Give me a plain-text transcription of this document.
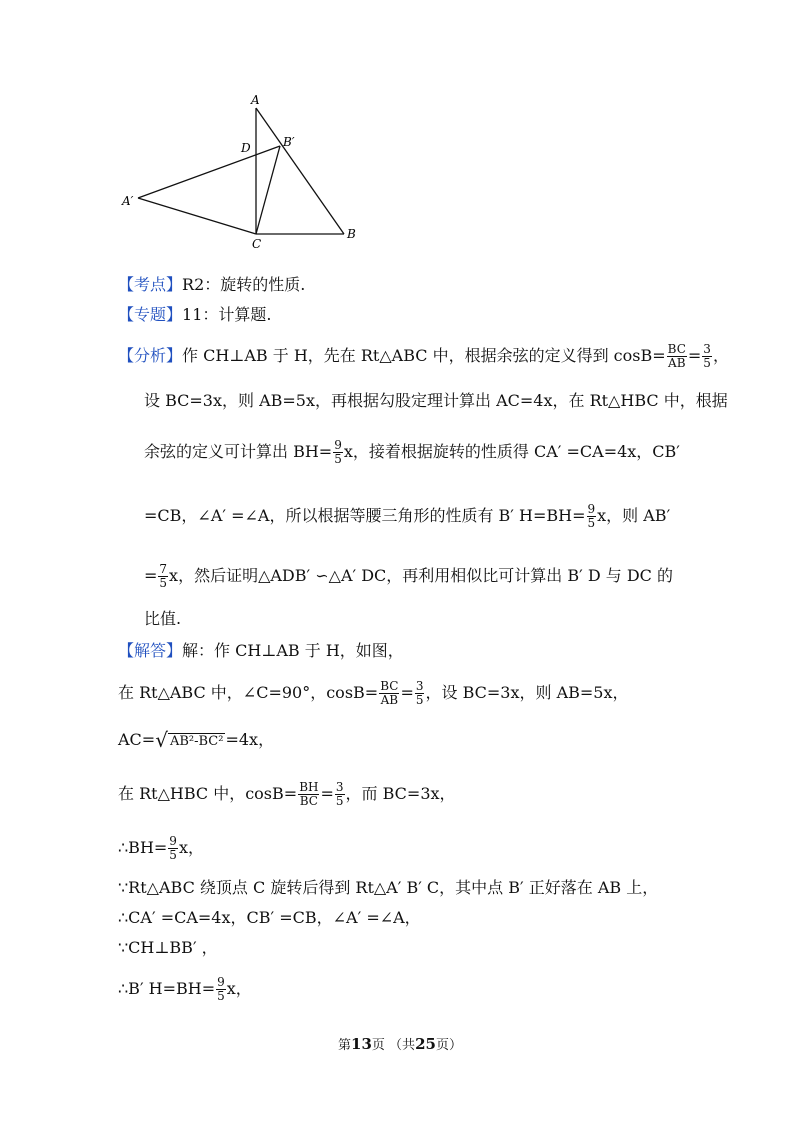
A
B′
D
A′
C
B
【考点】R2：旋转的性质.
【专题】11：计算题.
【分析】作 CH⊥AB 于 H，先在 Rt△ABC 中，根据余弦的定义得到 $\cos B= \frac{BC}{AB} = \frac{3}{5}$ ，
设 BC=3x，则 AB=5x，再根据勾股定理计算出 AC=4x，在 Rt△HBC 中，根据
余弦的定义可计算出 $BH= \frac{9}{5}$ x，接着根据旋转的性质得 CA′ =CA=4x，CB′
=CB，∠A′ =∠A，所以根据等腰三角形的性质有 B′ $H=BH= \frac{9}{5}$ x，则 AB′
= $\frac{7}{5}$ x，然后证明△ADB′ ∽△A′ DC，再利用相似比可计算出 B′ D 与 DC 的
比值.
【解答】解：作 CH⊥AB 于 H，如图，
在 Rt△ABC 中，∠C=90°，$\cos B= \frac{BC}{AB} = \frac{3}{5}$ ，设 BC=3x，则 AB=5x，
AC=√ AB²-BC² =4x，
在 Rt△HBC 中，$\cos B= \frac{BH}{BC} = \frac{3}{5}$ ，而 BC=3x，
∴BH= $\frac{9}{5}$ x，
∵Rt△ABC 绕顶点 C 旋转后得到 Rt△A′ B′ C，其中点 B′ 正好落在 AB 上，
∴CA′ =CA=4x，CB′ =CB，∠A′ =∠A，
∵CH⊥BB′ ，
∴B′ $H=BH= \frac{9}{5}$ x，
第13页 （共25页）
